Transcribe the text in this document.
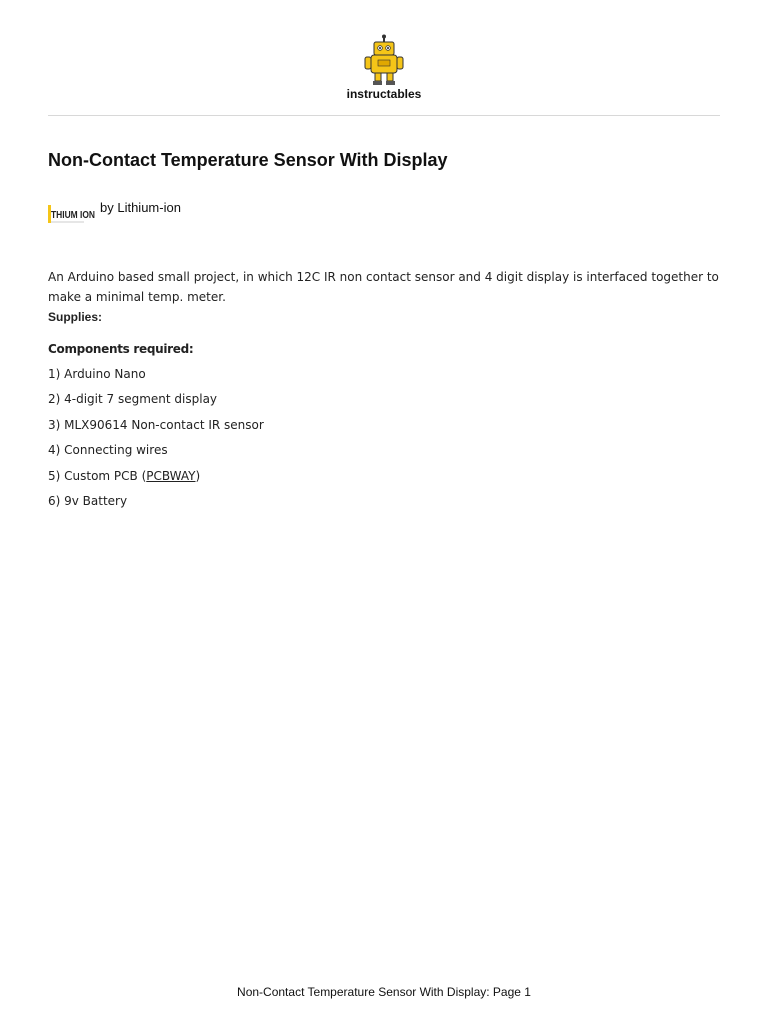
instructables
Non-Contact Temperature Sensor With Display
THIUM ION
by Lithium-ion

An Arduino based small project, in which 12C IR non contact sensor and 4 digit display is interfaced together to make a minimal temp. meter.

Supplies:

Components required:

1) Arduino Nano
2) 4-digit 7 segment display
3) MLX90614 Non-contact IR sensor
4) Connecting wires
5) Custom PCB (PCBWAY)
6) 9v Battery
Non-Contact Temperature Sensor With Display: Page 1
